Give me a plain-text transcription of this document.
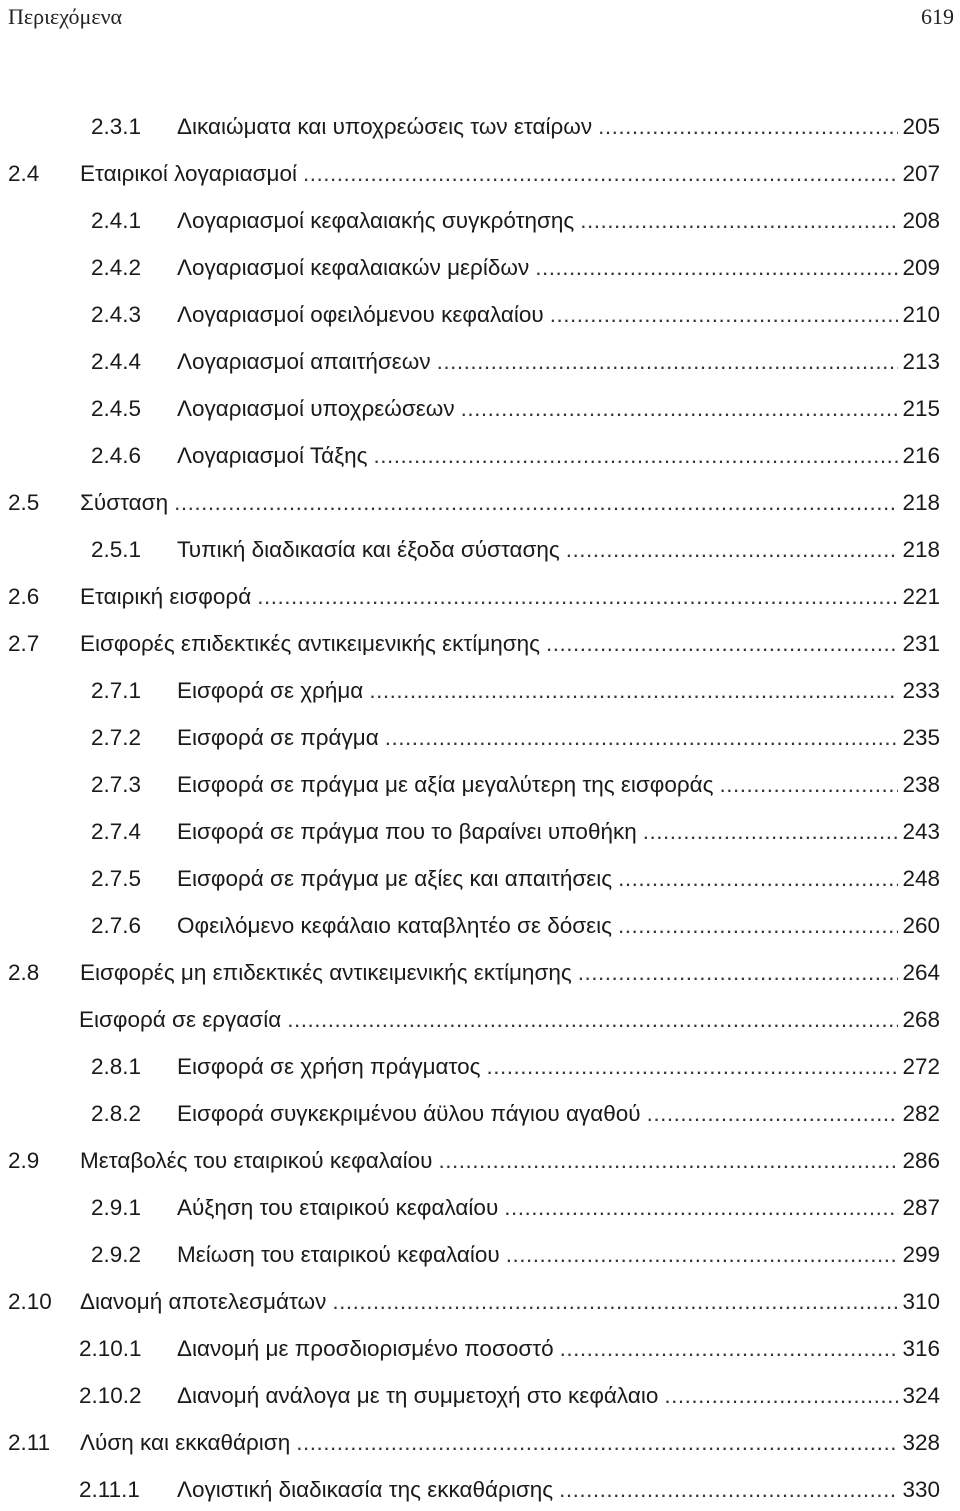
Περιεχόμενα	619
2.3.1	Δικαιώματα και υποχρεώσεις των εταίρων .....	205
2.4	Εταιρικοί λογαριασμοί .....	207
2.4.1	Λογαριασμοί κεφαλαιακής συγκρότησης .....	208
2.4.2	Λογαριασμοί κεφαλαιακών μερίδων .....	209
2.4.3	Λογαριασμοί οφειλόμενου κεφαλαίου .....	210
2.4.4	Λογαριασμοί απαιτήσεων .....	213
2.4.5	Λογαριασμοί υποχρεώσεων .....	215
2.4.6	Λογαριασμοί Τάξης .....	216
2.5	Σύσταση .....	218
2.5.1	Τυπική διαδικασία και έξοδα σύστασης .....	218
2.6	Εταιρική εισφορά .....	221
2.7	Εισφορές επιδεκτικές αντικειμενικής εκτίμησης .....	231
2.7.1	Εισφορά σε χρήμα .....	233
2.7.2	Εισφορά σε πράγμα .....	235
2.7.3	Εισφορά σε πράγμα με αξία μεγαλύτερη της εισφοράς .....	238
2.7.4	Εισφορά σε πράγμα που το βαραίνει υποθήκη .....	243
2.7.5	Εισφορά σε πράγμα με αξίες και απαιτήσεις .....	248
2.7.6	Οφειλόμενο κεφάλαιο καταβλητέο σε δόσεις .....	260
2.8	Εισφορές μη επιδεκτικές αντικειμενικής εκτίμησης .....	264
Εισφορά σε εργασία .....	268
2.8.1	Εισφορά σε χρήση πράγματος .....	272
2.8.2	Εισφορά συγκεκριμένου άϋλου πάγιου αγαθού .....	282
2.9	Μεταβολές του εταιρικού κεφαλαίου .....	286
2.9.1	Αύξηση του εταιρικού κεφαλαίου .....	287
2.9.2	Μείωση του εταιρικού κεφαλαίου .....	299
2.10	Διανομή αποτελεσμάτων .....	310
2.10.1	Διανομή με προσδιορισμένο ποσοστό .....	316
2.10.2	Διανομή ανάλογα με τη συμμετοχή στο κεφάλαιο .....	324
2.11	Λύση και εκκαθάριση .....	328
2.11.1	Λογιστική διαδικασία της εκκαθάρισης .....	330
